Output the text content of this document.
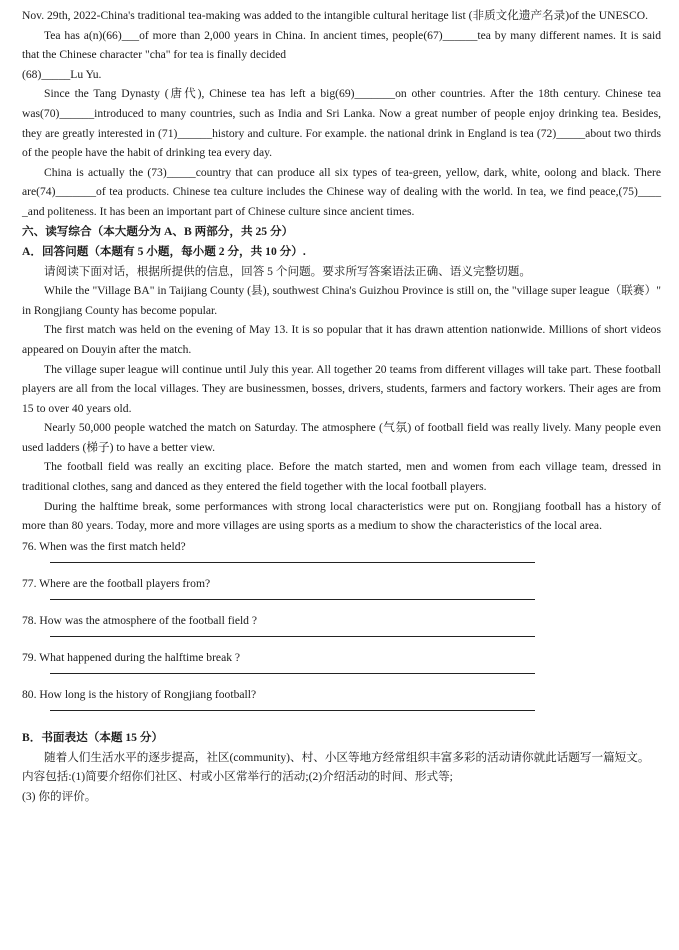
Nov. 29th, 2022-China's traditional tea-making was added to the intangible cultural heritage list (非质文化遗产名录)of the UNESCO.

Tea has a(n)(66)___of more than 2,000 years in China. In ancient times, people(67)______tea by many different names. It is said that the Chinese character "cha" for tea is finally decided

(68)_____Lu Yu.

Since the Tang Dynasty (唐代), Chinese tea has left a big(69)_______on other countries. After the 18th century. Chinese tea was(70)______introduced to many countries, such as India and Sri Lanka. Now a great number of people enjoy drinking tea. Besides, they are greatly interested in (71)______history and culture. For example. the national drink in England is tea (72)_____about two thirds of the people have the habit of drinking tea every day.

China is actually the (73)_____country that can produce all six types of tea-green, yellow, dark, white, oolong and black. There are(74)_______of tea products. Chinese tea culture includes the Chinese way of dealing with the world. In tea, we find peace,(75)____ _and politeness. It has been an important part of Chinese culture since ancient times.

六、读写综合（本大题分为 A、B 两部分，共 25 分）

A．回答问题（本题有 5 小题，每小题 2 分，共 10 分）.

请阅读下面对话，根据所提供的信息，回答 5 个问题。要求所写答案语法正确、语义完整切题。

While the "Village BA" in Taijiang County (县), southwest China's Guizhou Province is still on, the "village super league（联赛）" in Rongjiang County has become popular.

The first match was held on the evening of May 13. It is so popular that it has drawn attention nationwide. Millions of short videos appeared on Douyin after the match.

The village super league will continue until July this year. All together 20 teams from different villages will take part. These football players are all from the local villages. They are businessmen, bosses, drivers, students, farmers and factory workers. Their ages are from 15 to over 40 years old.

Nearly 50,000 people watched the match on Saturday. The atmosphere (气氛) of football field was really lively. Many people even used ladders (梯子) to have a better view.

The football field was really an exciting place. Before the match started, men and women from each village team, dressed in traditional clothes, sang and danced as they entered the field together with the local football players.

During the halftime break, some performances with strong local characteristics were put on. Rongjiang football has a history of more than 80 years. Today, more and more villages are using sports as a medium to show the characteristics of the local area.

76. When was the first match held?

77. Where are the football players from?

78. How was the atmosphere of the football field ?

79. What happened during the halftime break ?

80. How long is the history of Rongjiang football?

B．书面表达（本题 15 分）

随着人们生活水平的逐步提高，社区(community)、村、小区等地方经常组织丰富多彩的活动请你就此话题写一篇短文。

内容包括:(1)简要介绍你们社区、村或小区常举行的活动;(2)介绍活动的时间、形式等;

(3) 你的评价。
